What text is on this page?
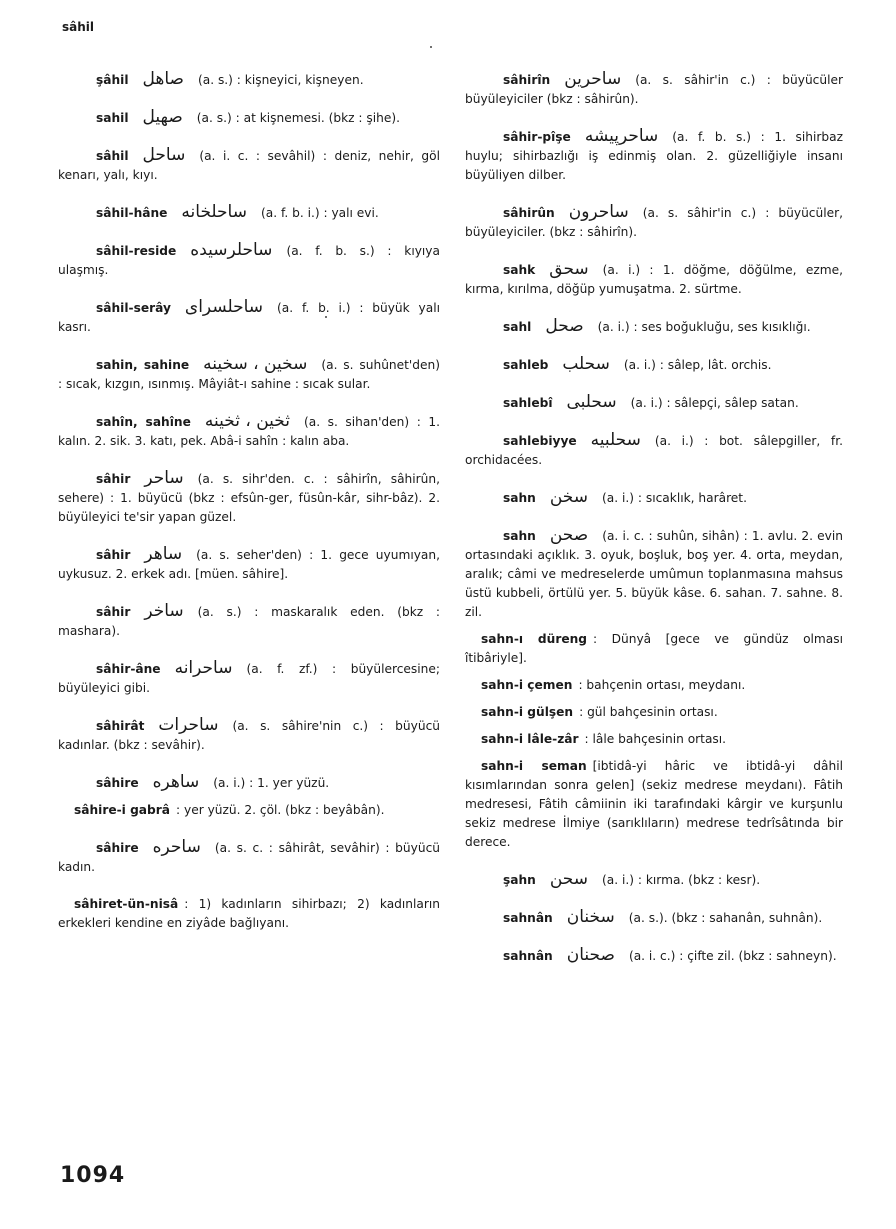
sâhil
şâhil صاهل (a. s.) : kişneyici, kişneyen.
sahil صهيل (a. s.) : at kişnemesi. (bkz : şihe).
sâhil ساحل (a. i. c. : sevâhil) : deniz, nehir, göl kenarı, yalı, kıyı.
sâhil-hâne ساحلخانه (a. f. b. i.) : yalı evi.
sâhil-reside ساحلرسيده (a. f. b. s.) : kıyıya ulaşmış.
sâhil-serây ساحلسراى (a. f. b. i.) : büyük yalı kasrı.
sahin, sahine سخين ، سخينه (a. s. suhûnet'den) : sıcak, kızgın, ısınmış. Mâyiât-ı sahine : sıcak sular.
sahîn, sahîne ثخين ، ثخينه (a. s. sihan'den) : 1. kalın. 2. sik. 3. katı, pek. Abâ-i sahîn : kalın aba.
sâhir ساحر (a. s. sihr'den. c. : sâhirîn, sâhirûn, sehere) : 1. büyücü (bkz : efsûn-ger, füsûn-kâr, sihr-bâz). 2. büyüleyici te'sir yapan güzel.
sâhir ساهر (a. s. seher'den) : 1. gece uyumıyan, uykusuz. 2. erkek adı. [müen. sâhire].
sâhir ساخر (a. s.) : maskaralık eden. (bkz : mashara).
sâhir-âne ساحرانه (a. f. zf.) : büyülercesine; büyüleyici gibi.
sâhirât ساحرات (a. s. sâhire'nin c.) : büyücü kadınlar. (bkz : sevâhir).
sâhire ساهره (a. i.) : 1. yer yüzü.
sâhire-i gabrâ : yer yüzü. 2. çöl. (bkz : beyâbân).
sâhire ساحره (a. s. c. : sâhirât, sevâhir) : büyücü kadın.
sâhiret-ün-nisâ : 1) kadınların sihirbazı; 2) kadınların erkekleri kendine en ziyâde bağlıyanı.
sâhirîn ساحرين (a. s. sâhir'in c.) : büyücüler büyüleyiciler (bkz : sâhirûn).
sâhir-pîşe ساحرپيشه (a. f. b. s.) : 1. sihirbaz huylu; sihirbazlığı iş edinmiş olan. 2. güzelliğiyle insanı büyüliyen dilber.
sâhirûn ساحرون (a. s. sâhir'in c.) : büyücüler, büyüleyiciler. (bkz : sâhirîn).
sahk سحق (a. i.) : 1. döğme, döğülme, ezme, kırma, kırılma, döğüp yumuşatma. 2. sürtme.
sahl صحل (a. i.) : ses boğukluğu, ses kısıklığı.
sahleb سحلب (a. i.) : sâlep, lât. orchis.
sahlebî سحلبى (a. i.) : sâlepçi, sâlep satan.
sahlebiyye سحلبيه (a. i.) : bot. sâlepgiller, fr. orchidacées.
sahn سخن (a. i.) : sıcaklık, harâret.
sahn صحن (a. i. c. : suhûn, sihân) : 1. avlu. 2. evin ortasındaki açıklık. 3. oyuk, boşluk, boş yer. 4. orta, meydan, aralık; câmi ve medreselerde umûmun toplanmasına mahsus üstü kubbeli, örtülü yer. 5. büyük kâse. 6. sahan. 7. sahne. 8. zil.
sahn-ı düreng : Dünyâ [gece ve gündüz olması îtibâriyle].
sahn-i çemen : bahçenin ortası, meydanı.
sahn-i gülşen : gül bahçesinin ortası.
sahn-i lâle-zâr : lâle bahçesinin ortası.
sahn-i seman [ibtidâ-yi hâric ve ibtidâ-yi dâhil kısımlarından sonra gelen] (sekiz medrese meydanı). Fâtih medresesi, Fâtih câmiinin iki tarafındaki kârgir ve kurşunlu sekiz medrese İlmiye (sarıklıların) medrese tedrîsâtında bir derece.
şahn سحن (a. i.) : kırma. (bkz : kesr).
sahnân سخنان (a. s.). (bkz : sahanân, suhnân).
sahnân صحنان (a. i. c.) : çifte zil. (bkz : sahneyn).
1094
